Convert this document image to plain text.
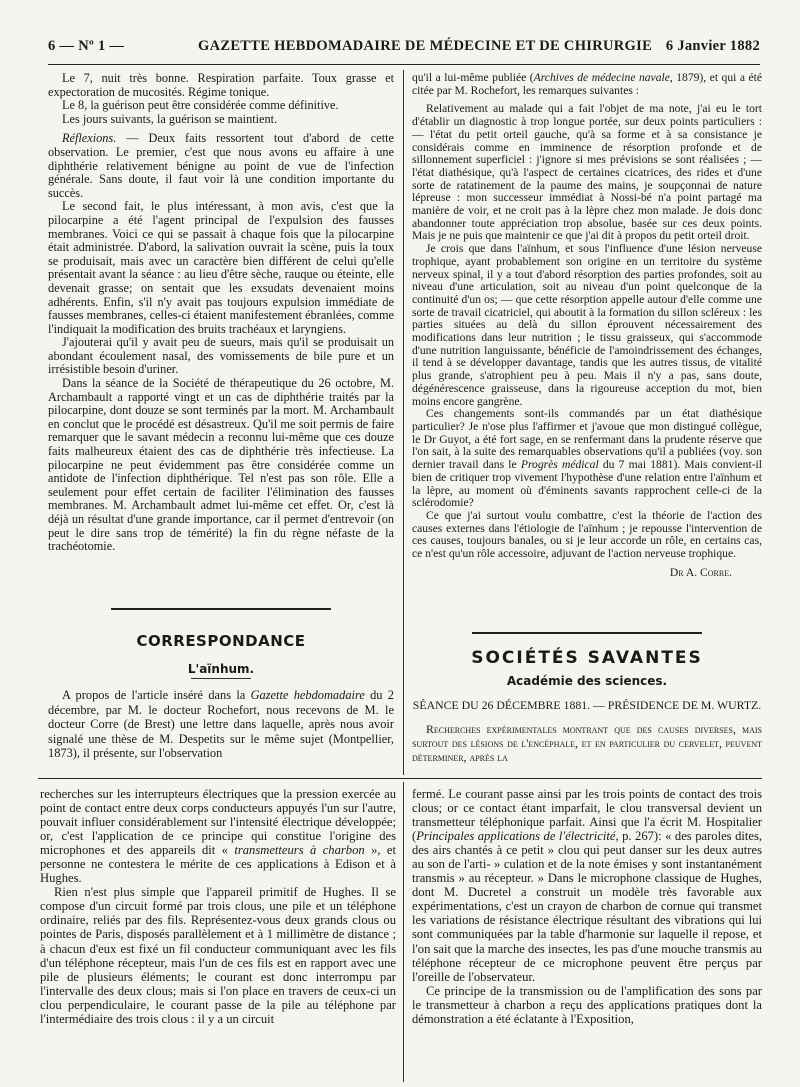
6 — Nº 1 —	GAZETTE HEBDOMADAIRE DE MÉDECINE ET DE CHIRURGIE 6 Janvier 1882

Le 7, nuit très bonne. Respiration parfaite. Toux grasse et expectoration de mucosités. Régime tonique.

Le 8, la guérison peut être considérée comme définitive.

Les jours suivants, la guérison se maintient.

Réflexions. — Deux faits ressortent tout d'abord de cette observation. Le premier, c'est que nous avons eu affaire à une diphthérie relativement bénigne au point de vue de l'infection générale. Sans doute, il faut voir là une condition importante du succès.

Le second fait, le plus intéressant, à mon avis, c'est que la pilocarpine a été l'agent principal de l'expulsion des fausses membranes. Voici ce qui se passait à chaque fois que la pilocarpine était administrée. D'abord, la salivation ouvrait la scène, puis la toux se produisait, mais avec un caractère bien différent de celui qu'elle présentait avant la séance : au lieu d'être sèche, rauque ou éteinte, elle devenait grasse; on sentait que les exsudats devenaient moins adhérents. Enfin, s'il n'y avait pas toujours expulsion immédiate de fausses membranes, celles-ci étaient manifestement ébranlées, comme l'indiquait la modification des bruits trachéaux et laryngiens.

J'ajouterai qu'il y avait peu de sueurs, mais qu'il se produisait un abondant écoulement nasal, des vomissements de bile pure et un irrésistible besoin d'uriner.

Dans la séance de la Société de thérapeutique du 26 octobre, M. Archambault a rapporté vingt et un cas de diphthérie traités par la pilocarpine, dont douze se sont terminés par la mort. M. Archambault en conclut que le procédé est désastreux. Qu'il me soit permis de faire remarquer que le savant médecin a reconnu lui-même que ces douze faits malheureux étaient des cas de diphthérie très infectieuse. La pilocarpine ne peut évidemment pas être considérée comme un antidote de l'infection diphthérique. Tel n'est pas son rôle. Elle a seulement pour effet certain de faciliter l'élimination des fausses membranes. M. Archambault admet lui-même cet effet. Or, c'est là déjà un résultat d'une grande importance, car il permet d'entrevoir (on peut le dire sans trop de témérité) la fin du règne néfaste de la trachéotomie.

CORRESPONDANCE
L'aïnhum.

A propos de l'article inséré dans la Gazette hebdomadaire du 2 décembre, par M. le docteur Rochefort, nous recevons de M. le docteur Corre (de Brest) une lettre dans laquelle, après nous avoir signalé une thèse de M. Despetits sur le même sujet (Montpellier, 1873), il présente, sur l'observation

qu'il a lui-même publiée (Archives de médecine navale, 1879), et qui a été citée par M. Rochefort, les remarques suivantes :

Relativement au malade qui a fait l'objet de ma note, j'ai eu le tort d'établir un diagnostic à trop longue portée, sur deux points particuliers : — l'état du petit orteil gauche, qu'à sa forme et à sa consistance je considérais comme en imminence de résorption profonde et de sillonnement superficiel : j'ignore si mes prévisions se sont réalisées ; — l'état diathésique, qu'à l'aspect de certaines cicatrices, des rides et d'une sorte de ratatinement de la paume des mains, je soupçonnai de nature lépreuse : mon successeur immédiat à Nossi-bé n'a point partagé ma manière de voir, et ne croit pas à la lèpre chez mon malade. Je dois donc abandonner toute appréciation trop absolue, basée sur ces deux points. Mais je ne puis que maintenir ce que j'ai dit à propos du petit orteil droit.

Je crois que dans l'aïnhum, et sous l'influence d'une lésion nerveuse trophique, ayant probablement son origine en un territoire du système nerveux spinal, il y a tout d'abord résorption des parties profondes, soit au niveau d'une articulation, soit au niveau d'un point quelconque de la continuité d'un os; — que cette résorption appelle autour d'elle comme une sorte de travail cicatriciel, qui aboutit à la formation du sillon scléreux : les parties situées au delà du sillon éprouvent nécessairement des modifications dans leur nutrition ; le tissu graisseux, qui s'accommode d'une nutrition languissante, bénéficie de l'amoindrissement des échanges, il tend à se développer davantage, tandis que les autres tissus, de vitalité plus grande, s'atrophient peu à peu. Mais il n'y a pas, sans doute, dégénérescence graisseuse, dans la rigoureuse acception du mot, bien moins encore gangrène.

Ces changements sont-ils commandés par un état diathésique particulier? Je n'ose plus l'affirmer et j'avoue que mon distingué collègue, le Dr Guyot, a été fort sage, en se renfermant dans la prudente réserve que l'on sait, à la suite des remarquables observations qu'il a publiées (voy. son dernier travail dans le Progrès médical du 7 mai 1881). Mais convient-il bien de critiquer trop vivement l'hypothèse d'une relation entre l'aïnhum et la lèpre, au moment où d'éminents savants rapprochent celle-ci de la sclérodomie?

Ce que j'ai surtout voulu combattre, c'est la théorie de l'action des causes externes dans l'étiologie de l'aïnhum ; je repousse l'intervention de ces causes, toujours banales, ou si je leur accorde un rôle, en certains cas, ce n'est qu'un rôle accessoire, adjuvant de l'action nerveuse trophique.

Dr A. Corre.

SOCIÉTÉS SAVANTES
Académie des sciences.
SÉANCE DU 26 DÉCEMBRE 1881. — PRÉSIDENCE DE M. WURTZ.

Recherches expérimentales montrant que des causes diverses, mais surtout des lésions de l'encéphale, et en particulier du cervelet, peuvent déterminer, après la

recherches sur les interrupteurs électriques que la pression exercée au point de contact entre deux corps conducteurs appuyés l'un sur l'autre, pouvait influer considérablement sur l'intensité électrique développée; or, c'est l'application de ce principe qui constitue l'origine des microphones et des appareils dit « transmetteurs à charbon », et personne ne contestera le mérite de ces applications à Edison et à Hughes.

Rien n'est plus simple que l'appareil primitif de Hughes. Il se compose d'un circuit formé par trois clous, une pile et un téléphone ordinaire, reliés par des fils. Représentez-vous deux grands clous ou pointes de Paris, disposés parallèlement et à 1 millimètre de distance ; à chacun d'eux est fixé un fil conducteur communiquant avec les fils d'un téléphone récepteur, mais l'un de ces fils est en rapport avec une pile de plusieurs éléments; le courant est donc interrompu par l'intervalle des deux clous; mais si l'on place en travers de ceux-ci un clou perpendiculaire, le courant passe de la pile au téléphone par l'intermédiaire des trois clous : il y a un circuit

fermé. Le courant passe ainsi par les trois points de contact des trois clous; or ce contact étant imparfait, le clou transversal devient un transmetteur téléphonique parfait. Ainsi que l'a écrit M. Hospitalier (Principales applications de l'électricité, p. 267): « des paroles dites, des airs chantés à ce petit » clou qui peut danser sur les deux autres au son de l'arti- » culation et de la note émises y sont instantanément transmis » au récepteur. » Dans le microphone classique de Hughes, dont M. Ducretel a construit un modèle très favorable aux expérimentations, c'est un crayon de charbon de cornue qui transmet les variations de résistance électrique résultant des vibrations qui lui sont communiquées par la table d'harmonie sur laquelle il repose, et l'on sait que la marche des insectes, les pas d'une mouche transmis au téléphone récepteur de ce microphone peuvent être perçus par l'oreille de l'observateur.

Ce principe de la transmission ou de l'amplification des sons par le transmetteur à charbon a reçu des applications pratiques dont la démonstration a été éclatante à l'Exposition,
